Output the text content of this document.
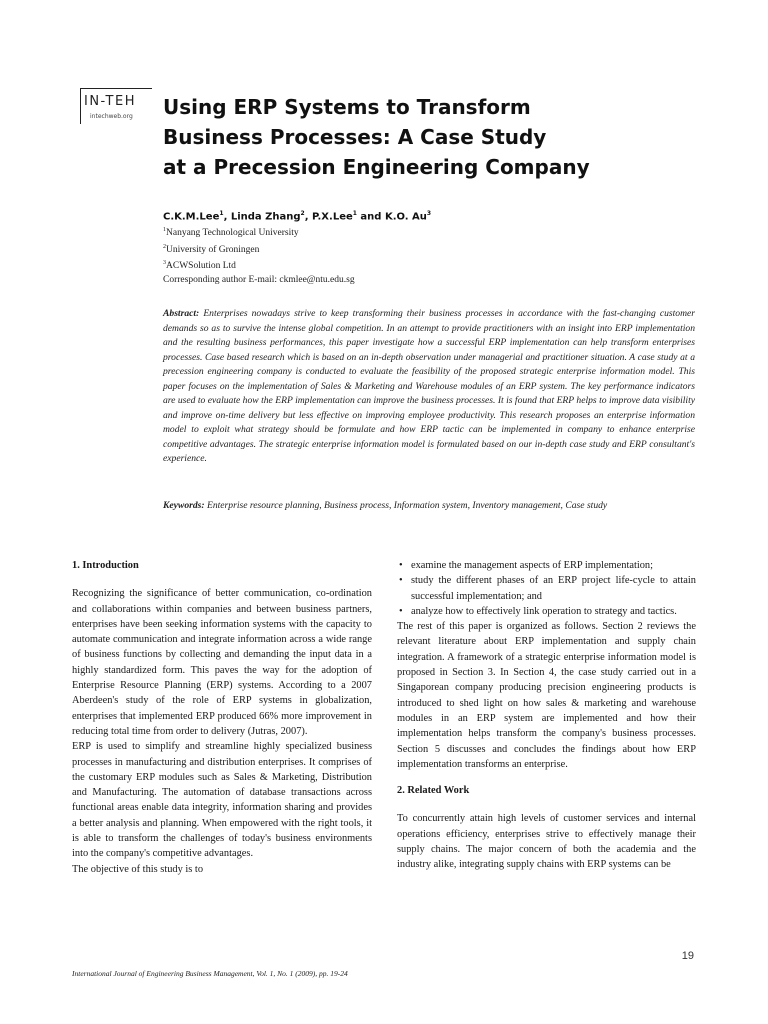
IN-TEH
intechweb.org Using ERP Systems to Transform
Business Processes: A Case Study
at a Precession Engineering Company
C.K.M.Lee$^1$, Linda Zhang$^2$, P.X.Lee$^1$ and K.O. Au$^3$
$^1$Nanyang Technological University
$^2$University of Groningen
$^3$ACWSolution Ltd
Corresponding author E-mail: ckmlee@ntu.edu.sg
Abstract: Enterprises nowadays strive to keep transforming their business processes in accordance with the fast-changing customer demands so as to survive the intense global competition. In an attempt to provide practitioners with an insight into ERP implementation and the resulting business performances, this paper investigate how a successful ERP implementation can help transform enterprises processes. Case based research which is based on an in-depth observation under managerial and practitioner situation. A case study at a precession engineering company is conducted to evaluate the feasibility of the proposed strategic enterprise information model. This paper focuses on the implementation of Sales & Marketing and Warehouse modules of an ERP system. The key performance indicators are used to evaluate how the ERP implementation can improve the business processes. It is found that ERP helps to improve data visibility and improve on-time delivery but less effective on improving employee productivity. This research proposes an enterprise information model to exploit what strategy should be formulate and how ERP tactic can be implemented in company to enhance enterprise competitive advantages. The strategic enterprise information model is formulated based on our in-depth case study and ERP consultant's experience.
Keywords: Enterprise resource planning, Business process, Information system, Inventory management, Case study
1. Introduction

Recognizing the significance of better communication, co-ordination and collaborations within companies and between business partners, enterprises have been seeking information systems with the capacity to automate communication and integrate information across a wide range of business functions by collecting and demanding the input data in a highly standardized form. This paves the way for the adoption of Enterprise Resource Planning (ERP) systems. According to a 2007 Aberdeen's study of the role of ERP systems in globalization, enterprises that implemented ERP produced 66% more improvement in reducing total time from order to delivery (Jutras, 2007).

ERP is used to simplify and streamline highly specialized business processes in manufacturing and distribution enterprises. It comprises of the customary ERP modules such as Sales & Marketing, Distribution and Manufacturing. The automation of database transactions across functional areas enable data integrity, information sharing and provides a better analysis and planning. When empowered with the right tools, it is able to transform the challenges of today's business environments into the company's competitive advantages.

The objective of this study is to

• examine the management aspects of ERP implementation;
• study the different phases of an ERP project life-cycle to attain successful implementation; and
• analyze how to effectively link operation to strategy and tactics.

The rest of this paper is organized as follows. Section 2 reviews the relevant literature about ERP implementation and supply chain integration. A framework of a strategic enterprise information model is proposed in Section 3. In Section 4, the case study carried out in a Singaporean company producing precision engineering products is introduced to shed light on how sales & marketing and warehouse modules in an ERP system are implemented and how their implementation helps transform the company's business processes. Section 5 discusses and concludes the findings about how ERP implementation transforms an enterprise.

2. Related Work

To concurrently attain high levels of customer services and internal operations efficiency, enterprises strive to effectively manage their supply chains. The major concern of both the academia and the industry alike, integrating supply chains with ERP systems can be

19
International Journal of Engineering Business Management, Vol. 1, No. 1 (2009), pp. 19-24
